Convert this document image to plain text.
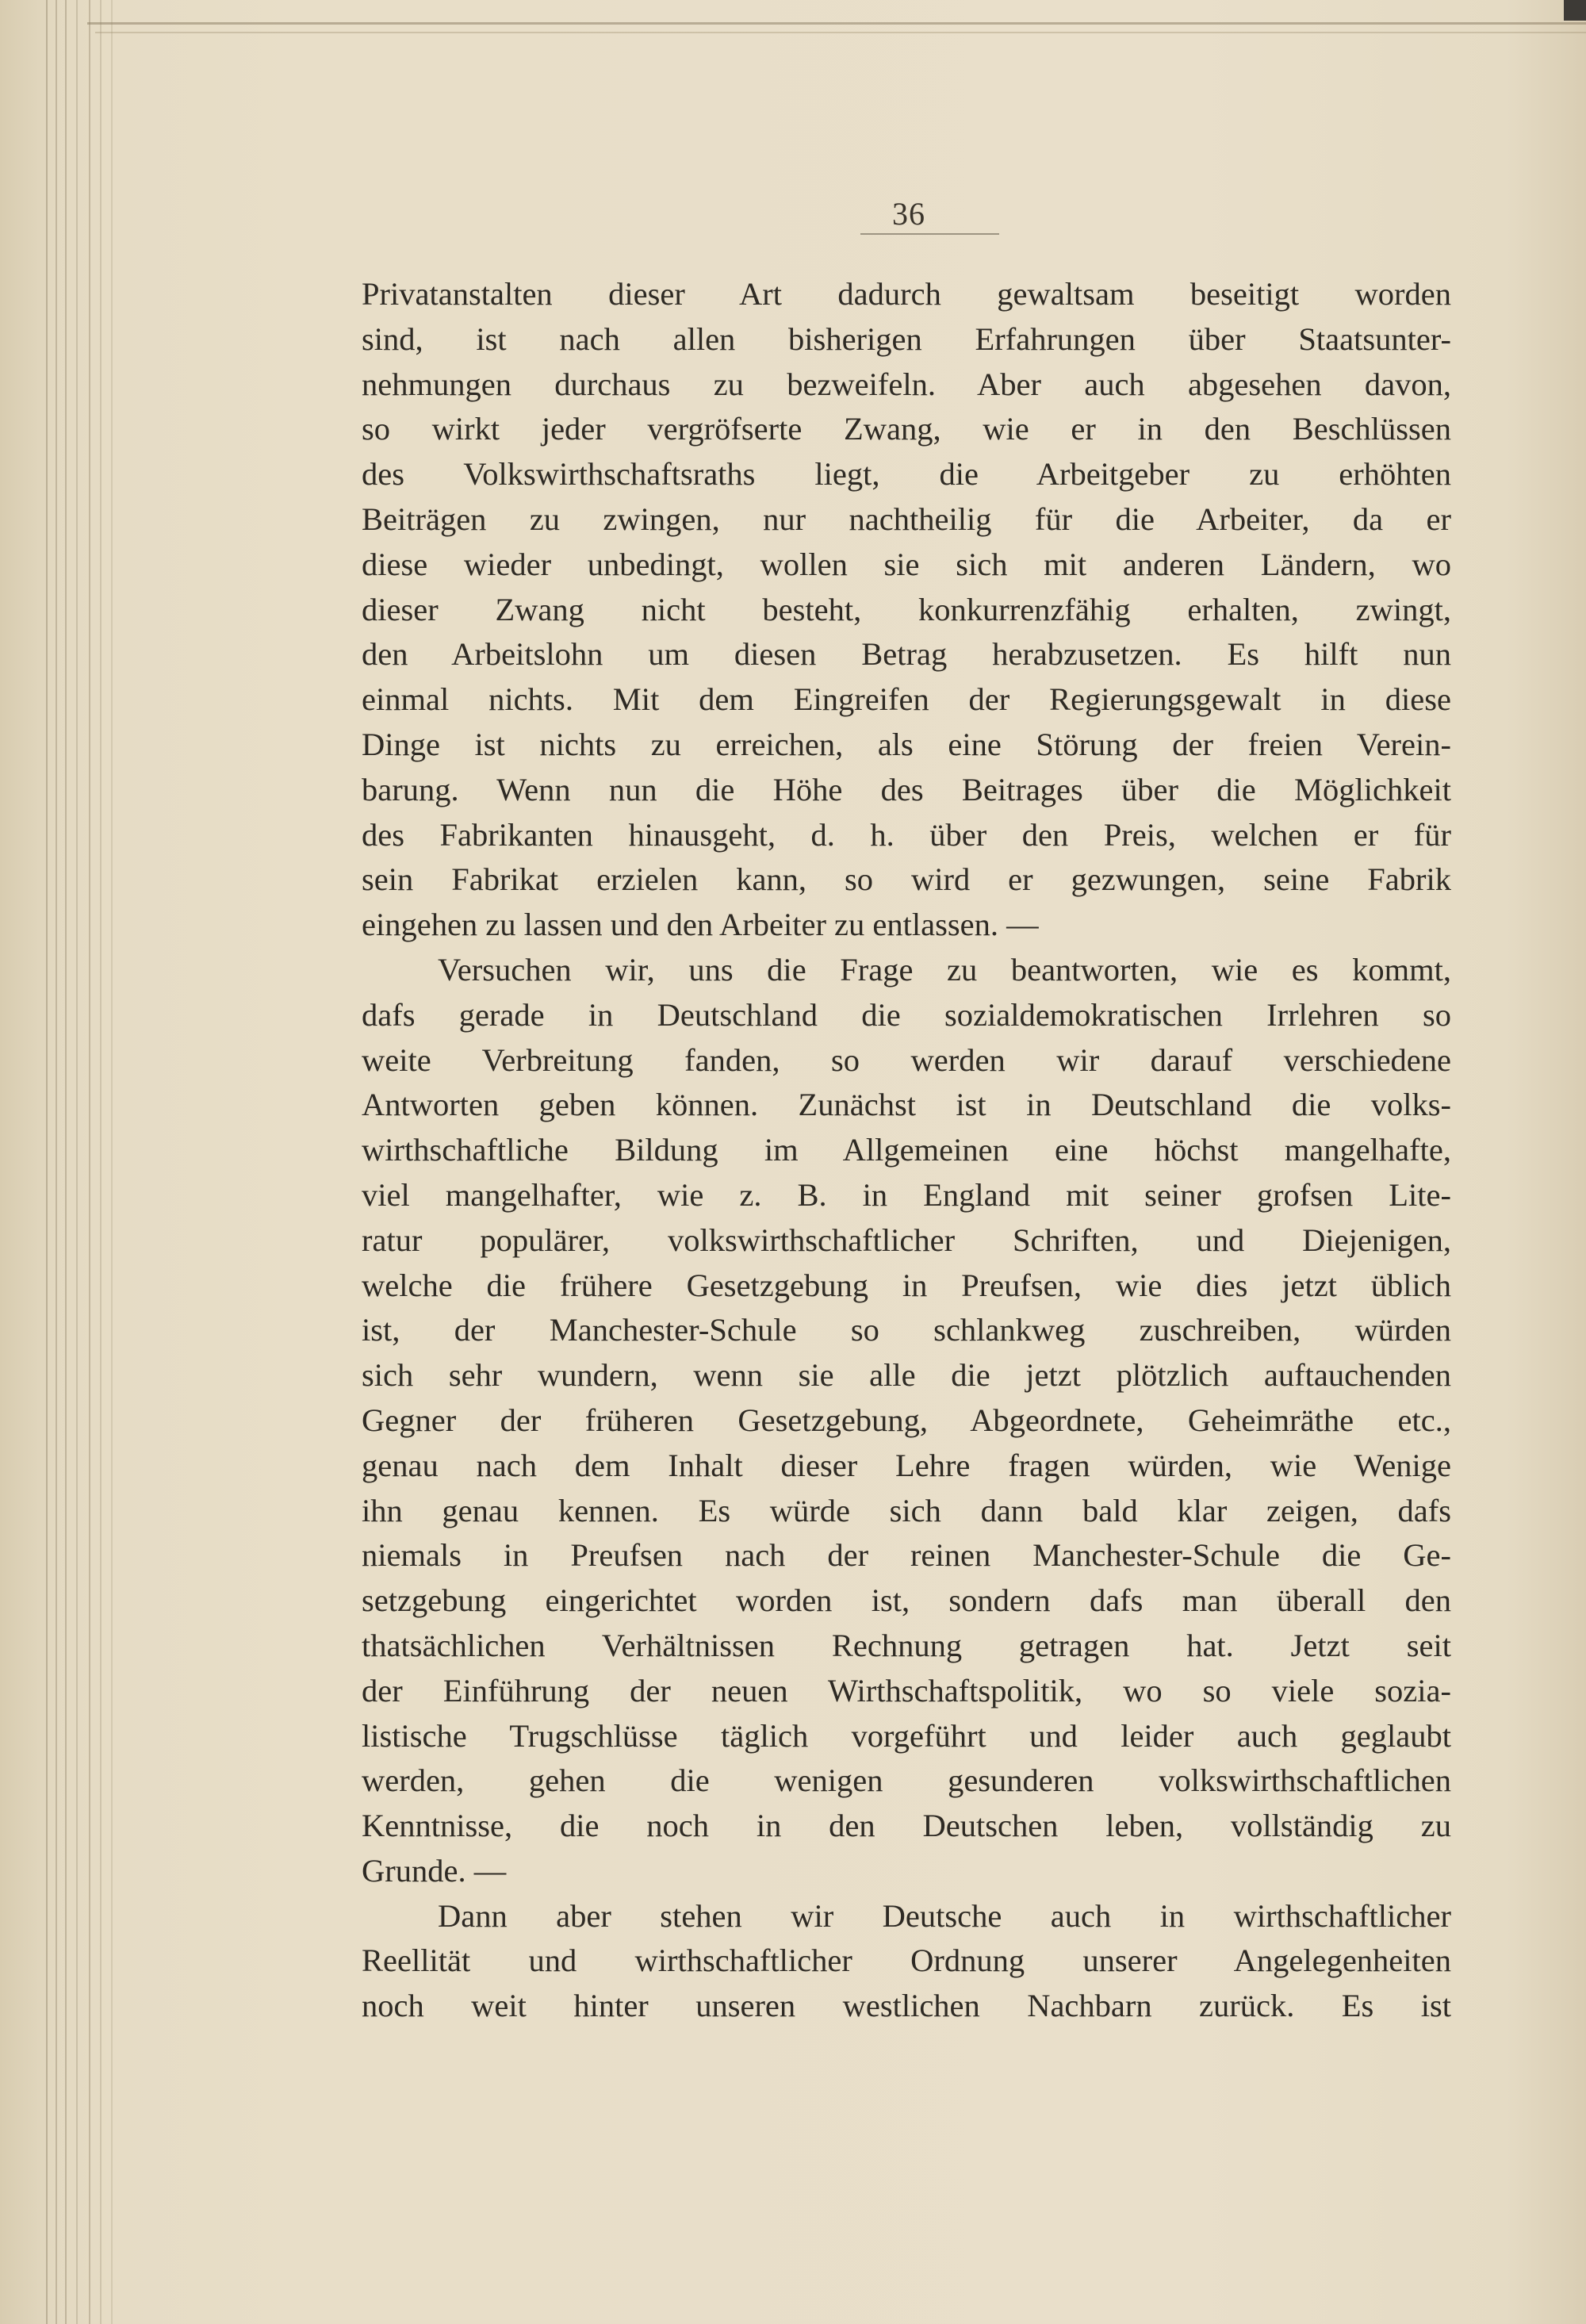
36
Privatanstalten dieser Art dadurch gewaltsam beseitigt worden
sind, ist nach allen bisherigen Erfahrungen über Staatsunter-
nehmungen durchaus zu bezweifeln. Aber auch abgesehen davon,
so wirkt jeder vergröfserte Zwang, wie er in den Beschlüssen
des Volkswirthschaftsraths liegt, die Arbeitgeber zu erhöhten
Beiträgen zu zwingen, nur nachtheilig für die Arbeiter, da er
diese wieder unbedingt, wollen sie sich mit anderen Ländern, wo
dieser Zwang nicht besteht, konkurrenzfähig erhalten, zwingt,
den Arbeitslohn um diesen Betrag herabzusetzen. Es hilft nun
einmal nichts. Mit dem Eingreifen der Regierungsgewalt in diese
Dinge ist nichts zu erreichen, als eine Störung der freien Verein-
barung. Wenn nun die Höhe des Beitrages über die Möglichkeit
des Fabrikanten hinausgeht, d. h. über den Preis, welchen er für
sein Fabrikat erzielen kann, so wird er gezwungen, seine Fabrik
eingehen zu lassen und den Arbeiter zu entlassen. —
Versuchen wir, uns die Frage zu beantworten, wie es kommt,
dafs gerade in Deutschland die sozialdemokratischen Irrlehren so
weite Verbreitung fanden, so werden wir darauf verschiedene
Antworten geben können. Zunächst ist in Deutschland die volks-
wirthschaftliche Bildung im Allgemeinen eine höchst mangelhafte,
viel mangelhafter, wie z. B. in England mit seiner grofsen Lite-
ratur populärer, volkswirthschaftlicher Schriften, und Diejenigen,
welche die frühere Gesetzgebung in Preufsen, wie dies jetzt üblich
ist, der Manchester-Schule so schlankweg zuschreiben, würden
sich sehr wundern, wenn sie alle die jetzt plötzlich auftauchenden
Gegner der früheren Gesetzgebung, Abgeordnete, Geheimräthe etc.,
genau nach dem Inhalt dieser Lehre fragen würden, wie Wenige
ihn genau kennen. Es würde sich dann bald klar zeigen, dafs
niemals in Preufsen nach der reinen Manchester-Schule die Ge-
setzgebung eingerichtet worden ist, sondern dafs man überall den
thatsächlichen Verhältnissen Rechnung getragen hat. Jetzt seit
der Einführung der neuen Wirthschaftspolitik, wo so viele sozia-
listische Trugschlüsse täglich vorgeführt und leider auch geglaubt
werden, gehen die wenigen gesunderen volkswirthschaftlichen
Kenntnisse, die noch in den Deutschen leben, vollständig zu
Grunde. —
Dann aber stehen wir Deutsche auch in wirthschaftlicher
Reellität und wirthschaftlicher Ordnung unserer Angelegenheiten
noch weit hinter unseren westlichen Nachbarn zurück. Es ist
